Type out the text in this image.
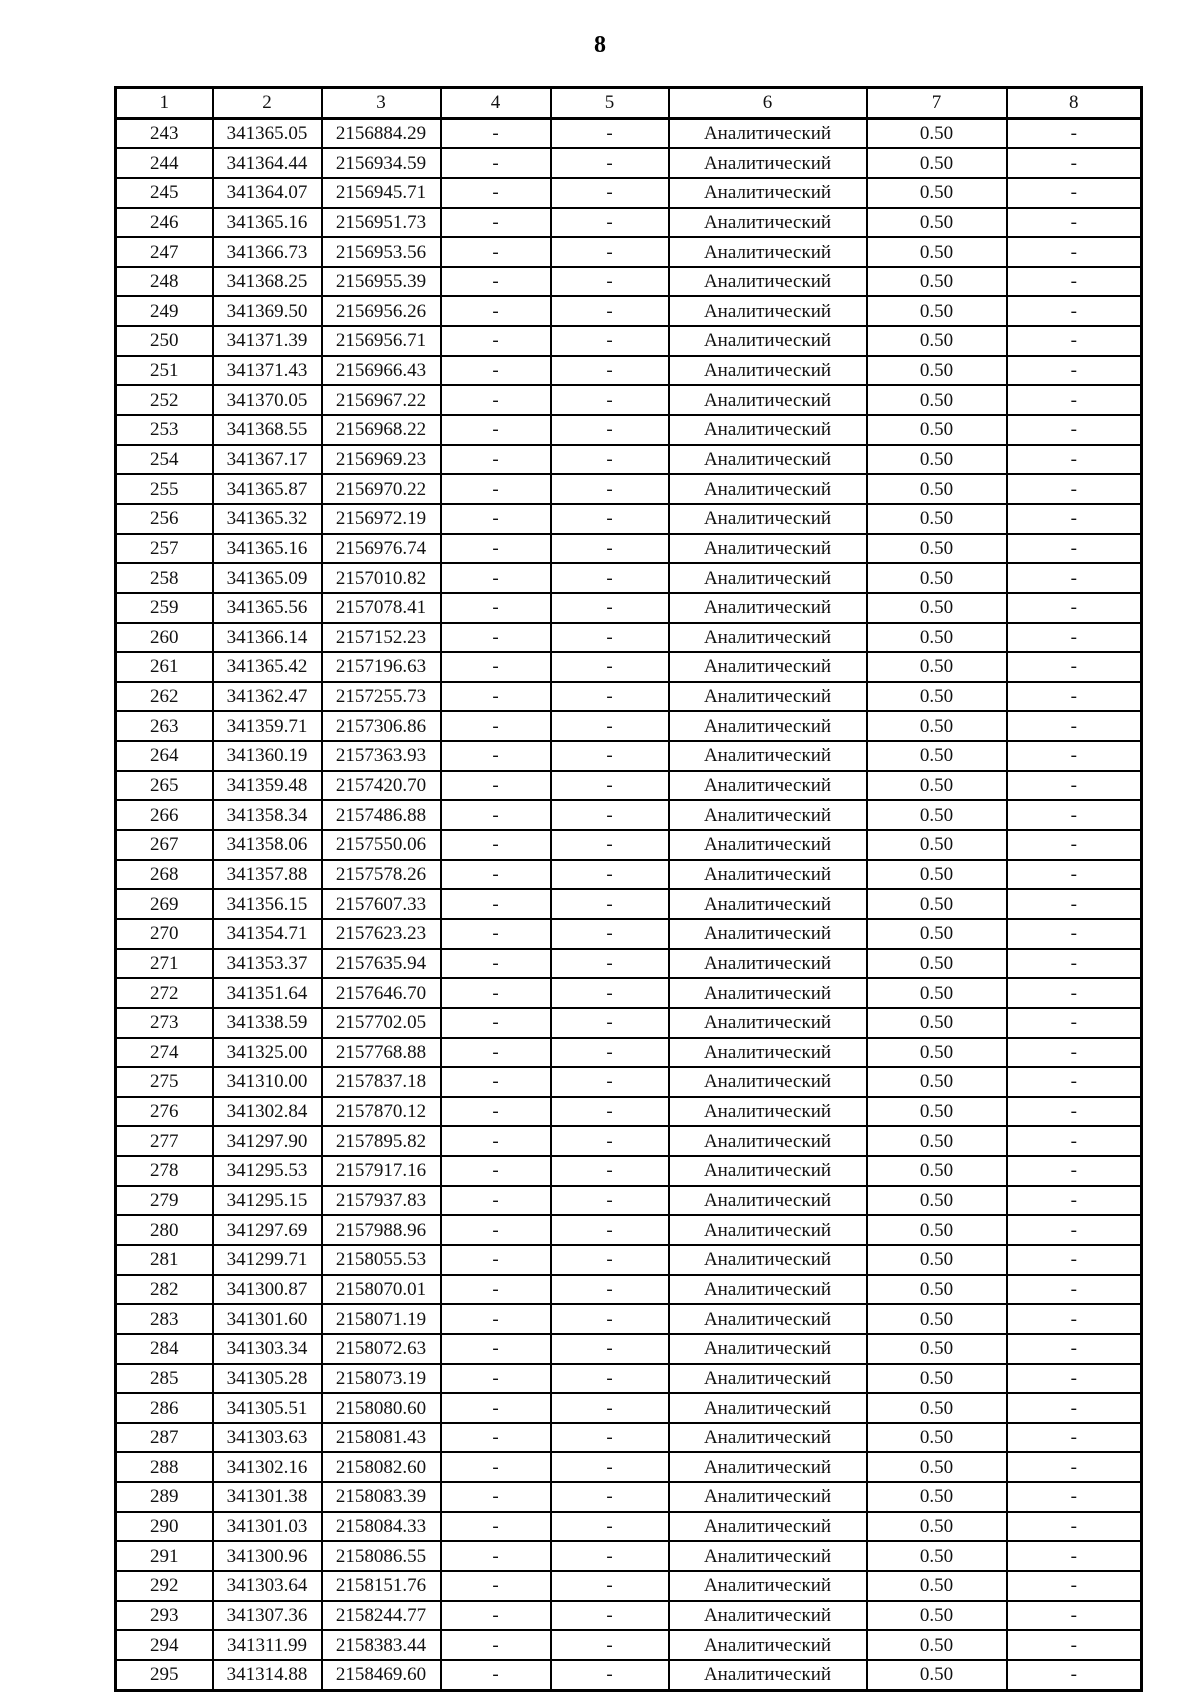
8
1	2	3	4	5	6	7	8
243	341365.05	2156884.29	-	-	Аналитический	0.50	-
244	341364.44	2156934.59	-	-	Аналитический	0.50	-
245	341364.07	2156945.71	-	-	Аналитический	0.50	-
246	341365.16	2156951.73	-	-	Аналитический	0.50	-
247	341366.73	2156953.56	-	-	Аналитический	0.50	-
248	341368.25	2156955.39	-	-	Аналитический	0.50	-
249	341369.50	2156956.26	-	-	Аналитический	0.50	-
250	341371.39	2156956.71	-	-	Аналитический	0.50	-
251	341371.43	2156966.43	-	-	Аналитический	0.50	-
252	341370.05	2156967.22	-	-	Аналитический	0.50	-
253	341368.55	2156968.22	-	-	Аналитический	0.50	-
254	341367.17	2156969.23	-	-	Аналитический	0.50	-
255	341365.87	2156970.22	-	-	Аналитический	0.50	-
256	341365.32	2156972.19	-	-	Аналитический	0.50	-
257	341365.16	2156976.74	-	-	Аналитический	0.50	-
258	341365.09	2157010.82	-	-	Аналитический	0.50	-
259	341365.56	2157078.41	-	-	Аналитический	0.50	-
260	341366.14	2157152.23	-	-	Аналитический	0.50	-
261	341365.42	2157196.63	-	-	Аналитический	0.50	-
262	341362.47	2157255.73	-	-	Аналитический	0.50	-
263	341359.71	2157306.86	-	-	Аналитический	0.50	-
264	341360.19	2157363.93	-	-	Аналитический	0.50	-
265	341359.48	2157420.70	-	-	Аналитический	0.50	-
266	341358.34	2157486.88	-	-	Аналитический	0.50	-
267	341358.06	2157550.06	-	-	Аналитический	0.50	-
268	341357.88	2157578.26	-	-	Аналитический	0.50	-
269	341356.15	2157607.33	-	-	Аналитический	0.50	-
270	341354.71	2157623.23	-	-	Аналитический	0.50	-
271	341353.37	2157635.94	-	-	Аналитический	0.50	-
272	341351.64	2157646.70	-	-	Аналитический	0.50	-
273	341338.59	2157702.05	-	-	Аналитический	0.50	-
274	341325.00	2157768.88	-	-	Аналитический	0.50	-
275	341310.00	2157837.18	-	-	Аналитический	0.50	-
276	341302.84	2157870.12	-	-	Аналитический	0.50	-
277	341297.90	2157895.82	-	-	Аналитический	0.50	-
278	341295.53	2157917.16	-	-	Аналитический	0.50	-
279	341295.15	2157937.83	-	-	Аналитический	0.50	-
280	341297.69	2157988.96	-	-	Аналитический	0.50	-
281	341299.71	2158055.53	-	-	Аналитический	0.50	-
282	341300.87	2158070.01	-	-	Аналитический	0.50	-
283	341301.60	2158071.19	-	-	Аналитический	0.50	-
284	341303.34	2158072.63	-	-	Аналитический	0.50	-
285	341305.28	2158073.19	-	-	Аналитический	0.50	-
286	341305.51	2158080.60	-	-	Аналитический	0.50	-
287	341303.63	2158081.43	-	-	Аналитический	0.50	-
288	341302.16	2158082.60	-	-	Аналитический	0.50	-
289	341301.38	2158083.39	-	-	Аналитический	0.50	-
290	341301.03	2158084.33	-	-	Аналитический	0.50	-
291	341300.96	2158086.55	-	-	Аналитический	0.50	-
292	341303.64	2158151.76	-	-	Аналитический	0.50	-
293	341307.36	2158244.77	-	-	Аналитический	0.50	-
294	341311.99	2158383.44	-	-	Аналитический	0.50	-
295	341314.88	2158469.60	-	-	Аналитический	0.50	-
